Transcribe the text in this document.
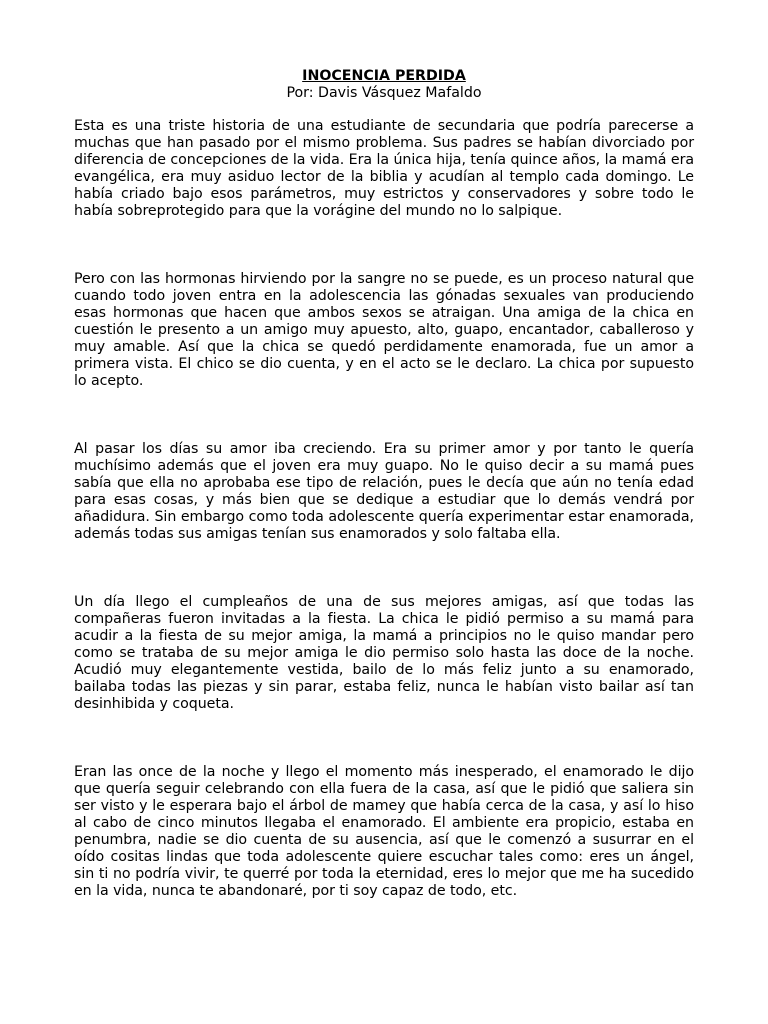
INOCENCIA PERDIDA

Por: Davis Vásquez Mafaldo

Esta es una triste historia de una estudiante de secundaria que podría parecerse a muchas que han pasado por el mismo problema. Sus padres se habían divorciado por diferencia de concepciones de la vida. Era la única hija, tenía quince años, la mamá era evangélica, era muy asiduo lector de la biblia y acudían al templo cada domingo. Le había criado bajo esos parámetros, muy estrictos y conservadores y sobre todo le había sobreprotegido para que la vorágine del mundo no lo salpique.

Pero con las hormonas hirviendo por la sangre no se puede, es un proceso natural que cuando todo joven entra en la adolescencia las gónadas sexuales van produciendo esas hormonas que hacen que ambos sexos se atraigan. Una amiga de la chica en cuestión le presento a un amigo muy apuesto, alto, guapo, encantador, caballeroso y muy amable. Así que la chica se quedó perdidamente enamorada, fue un amor a primera vista. El chico se dio cuenta, y en el acto se le declaro. La chica por supuesto lo acepto.

Al pasar los días su amor iba creciendo. Era su primer amor y por tanto le quería muchísimo además que el joven era muy guapo. No le quiso decir a su mamá pues sabía que ella no aprobaba ese tipo de relación, pues le decía que aún no tenía edad para esas cosas, y más bien que se dedique a estudiar que lo demás vendrá por añadidura. Sin embargo como toda adolescente quería experimentar estar enamorada, además todas sus amigas tenían sus enamorados y solo faltaba ella.

Un día llego el cumpleaños de una de sus mejores amigas, así que todas las compañeras fueron invitadas a la fiesta. La chica le pidió permiso a su mamá para acudir a la fiesta de su mejor amiga, la mamá a principios no le quiso mandar pero como se trataba de su mejor amiga le dio permiso solo hasta las doce de la noche. Acudió muy elegantemente vestida, bailo de lo más feliz junto a su enamorado, bailaba todas las piezas y sin parar, estaba feliz, nunca le habían visto bailar así tan desinhibida y coqueta.

Eran las once de la noche y llego el momento más inesperado, el enamorado le dijo que quería seguir celebrando con ella fuera de la casa, así que le pidió que saliera sin ser visto y le esperara bajo el árbol de mamey que había cerca de la casa, y así lo hiso al cabo de cinco minutos llegaba el enamorado. El ambiente era propicio, estaba en penumbra, nadie se dio cuenta de su ausencia, así que le comenzó a susurrar en el oído cositas lindas que toda adolescente quiere escuchar tales como: eres un ángel, sin ti no podría vivir, te querré por toda la eternidad, eres lo mejor que me ha sucedido en la vida, nunca te abandonaré, por ti soy capaz de todo, etc.
